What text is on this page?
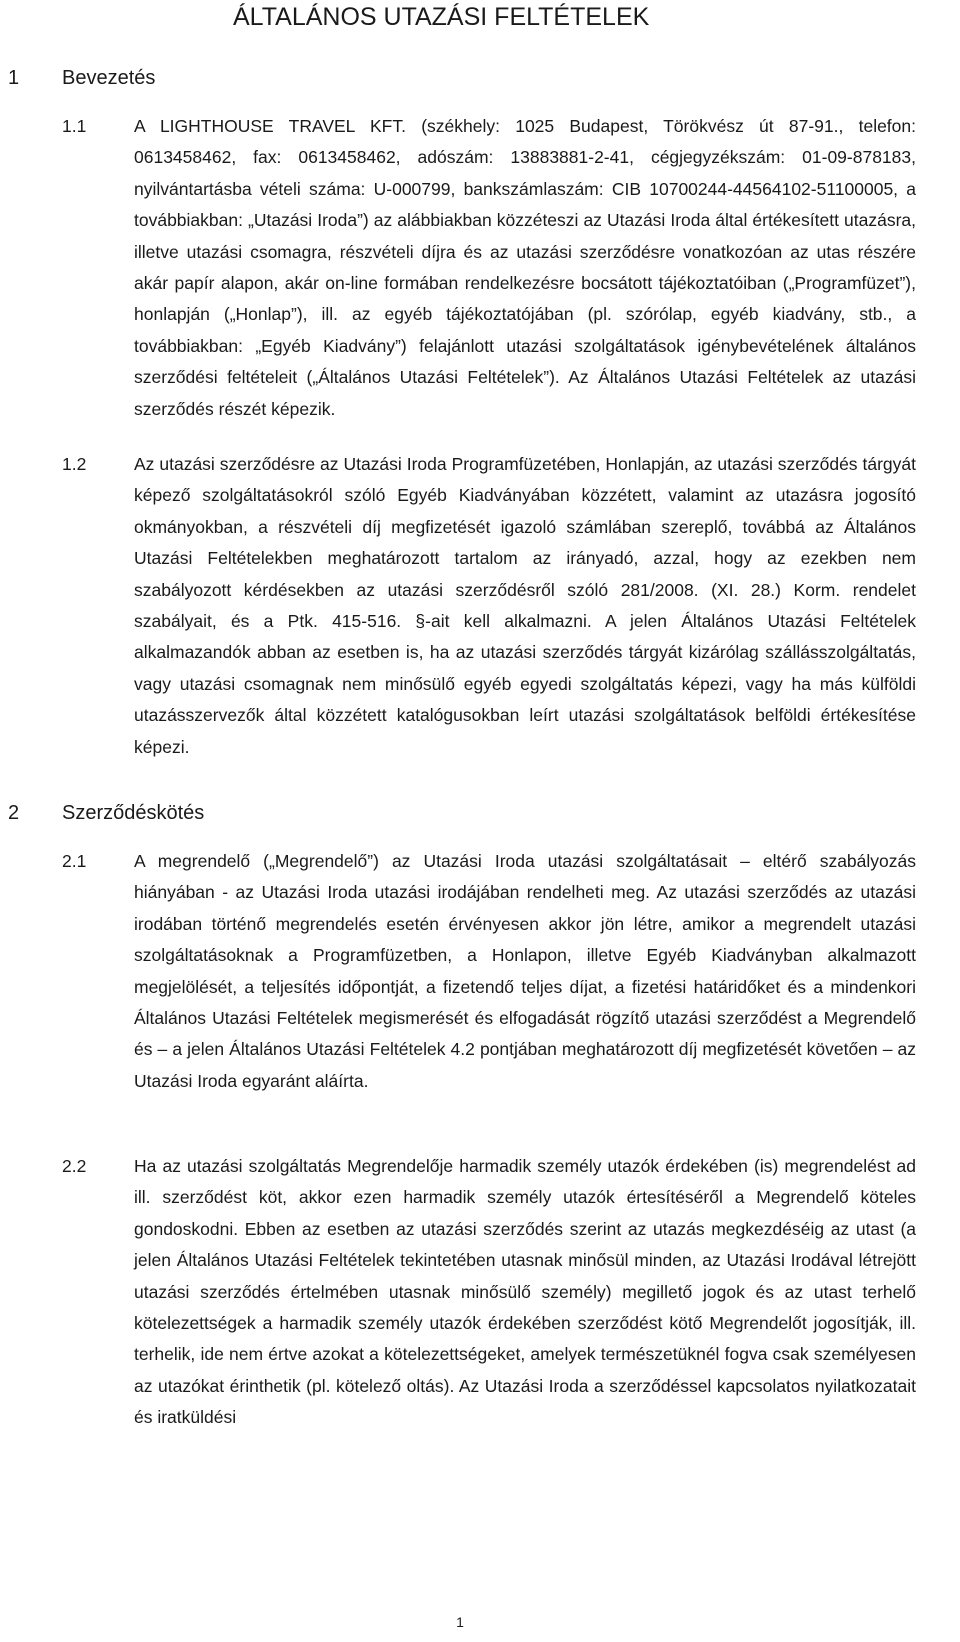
ÁLTALÁNOS UTAZÁSI FELTÉTELEK
1 Bevezetés
1.1	A LIGHTHOUSE TRAVEL KFT. (székhely: 1025 Budapest, Törökvész út 87-91., telefon: 0613458462, fax: 0613458462, adószám: 13883881-2-41, cégjegyzékszám: 01-09-878183, nyilvántartásba vételi száma: U-000799, bankszámlaszám: CIB 10700244-44564102-51100005, a továbbiakban: „Utazási Iroda”) az alábbiakban közzéteszi az Utazási Iroda által értékesített utazásra, illetve utazási csomagra, részvételi díjra és az utazási szerződésre vonatkozóan az utas részére akár papír alapon, akár on-line formában rendelkezésre bocsátott tájékoztatóiban („Programfüzet”), honlapján („Honlap”), ill. az egyéb tájékoztatójában (pl. szórólap, egyéb kiadvány, stb., a továbbiakban: „Egyéb Kiadvány”) felajánlott utazási szolgáltatások igénybevételének általános szerződési feltételeit („Általános Utazási Feltételek”). Az Általános Utazási Feltételek az utazási szerződés részét képezik.
1.2	Az utazási szerződésre az Utazási Iroda Programfüzetében, Honlapján, az utazási szerződés tárgyát képező szolgáltatásokról szóló Egyéb Kiadványában közzétett, valamint az utazásra jogosító okmányokban, a részvételi díj megfizetését igazoló számlában szereplő, továbbá az Általános Utazási Feltételekben meghatározott tartalom az irányadó, azzal, hogy az ezekben nem szabályozott kérdésekben az utazási szerződésről szóló 281/2008. (XI. 28.) Korm. rendelet szabályait, és a Ptk. 415-516. §-ait kell alkalmazni. A jelen Általános Utazási Feltételek alkalmazandók abban az esetben is, ha az utazási szerződés tárgyát kizárólag szállásszolgáltatás, vagy utazási csomagnak nem minősülő egyéb egyedi szolgáltatás képezi, vagy ha más külföldi utazásszervezők által közzétett katalógusokban leírt utazási szolgáltatások belföldi értékesítése képezi.
2 Szerződéskötés
2.1	A megrendelő („Megrendelő”) az Utazási Iroda utazási szolgáltatásait – eltérő szabályozás hiányában - az Utazási Iroda utazási irodájában rendelheti meg. Az utazási szerződés az utazási irodában történő megrendelés esetén érvényesen akkor jön létre, amikor a megrendelt utazási szolgáltatásoknak a Programfüzetben, a Honlapon, illetve Egyéb Kiadványban alkalmazott megjelölését, a teljesítés időpontját, a fizetendő teljes díjat, a fizetési határidőket és a mindenkori Általános Utazási Feltételek megismerését és elfogadását rögzítő utazási szerződést a Megrendelő és – a jelen Általános Utazási Feltételek 4.2 pontjában meghatározott díj megfizetését követően – az Utazási Iroda egyaránt aláírta.
2.2	Ha az utazási szolgáltatás Megrendelője harmadik személy utazók érdekében (is) megrendelést ad ill. szerződést köt, akkor ezen harmadik személy utazók értesítéséről a Megrendelő köteles gondoskodni. Ebben az esetben az utazási szerződés szerint az utazás megkezdéséig az utast (a jelen Általános Utazási Feltételek tekintetében utasnak minősül minden, az Utazási Irodával létrejött utazási szerződés értelmében utasnak minősülő személy) megillető jogok és az utast terhelő kötelezettségek a harmadik személy utazók érdekében szerződést kötő Megrendelőt jogosítják, ill. terhelik, ide nem értve azokat a kötelezettségeket, amelyek természetüknél fogva csak személyesen az utazókat érinthetik (pl. kötelező oltás). Az Utazási Iroda a szerződéssel kapcsolatos nyilatkozatait és iratküldési
1
